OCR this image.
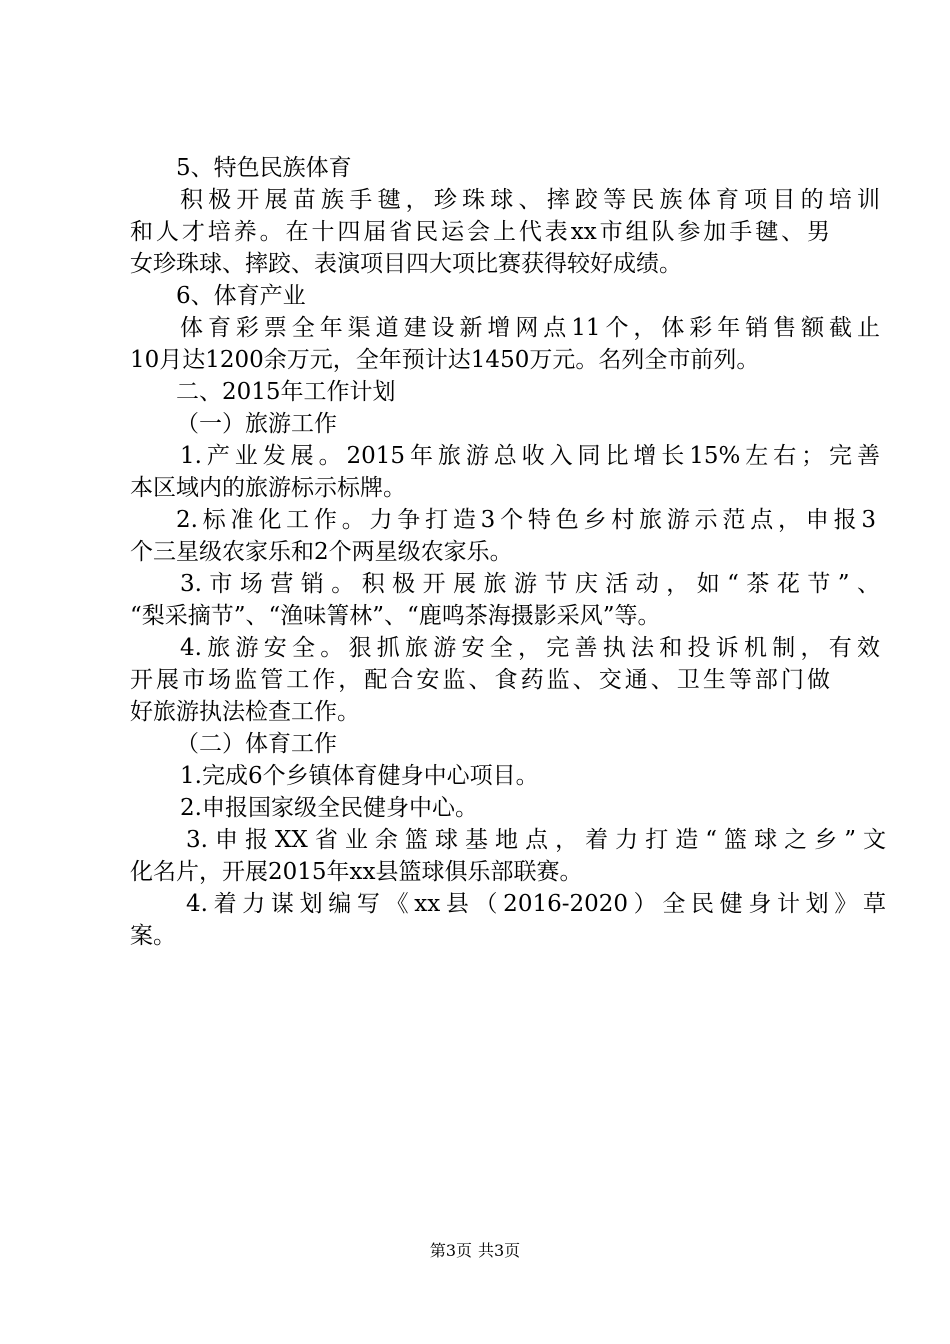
5、特色民族体育
积极开展苗族手毽，珍珠球、摔跤等民族体育项目的培训
和人才培养。在十四届省民运会上代表xx市组队参加手毽、男
女珍珠球、摔跤、表演项目四大项比赛获得较好成绩。
6、体育产业
体育彩票全年渠道建设新增网点11个，体彩年销售额截止
10月达1200余万元，全年预计达1450万元。名列全市前列。
二、2015年工作计划
（一）旅游工作
1.产业发展。2015年旅游总收入同比增长15%左右；完善
本区域内的旅游标示标牌。
2.标准化工作。力争打造3个特色乡村旅游示范点，申报3
个三星级农家乐和2个两星级农家乐。
3.市场营销。积极开展旅游节庆活动，如“茶花节”、
“梨采摘节”、“渔味箐林”、“鹿鸣茶海摄影采风”等。
4.旅游安全。狠抓旅游安全，完善执法和投诉机制，有效
开展市场监管工作，配合安监、食药监、交通、卫生等部门做
好旅游执法检查工作。
（二）体育工作
1.完成6个乡镇体育健身中心项目。
2.申报国家级全民健身中心。
3.申报XX省业余篮球基地点，着力打造“篮球之乡”文
化名片，开展2015年xx县篮球俱乐部联赛。
4.着力谋划编写《xx县（2016-2020）全民健身计划》草
案。
第3页 共3页
